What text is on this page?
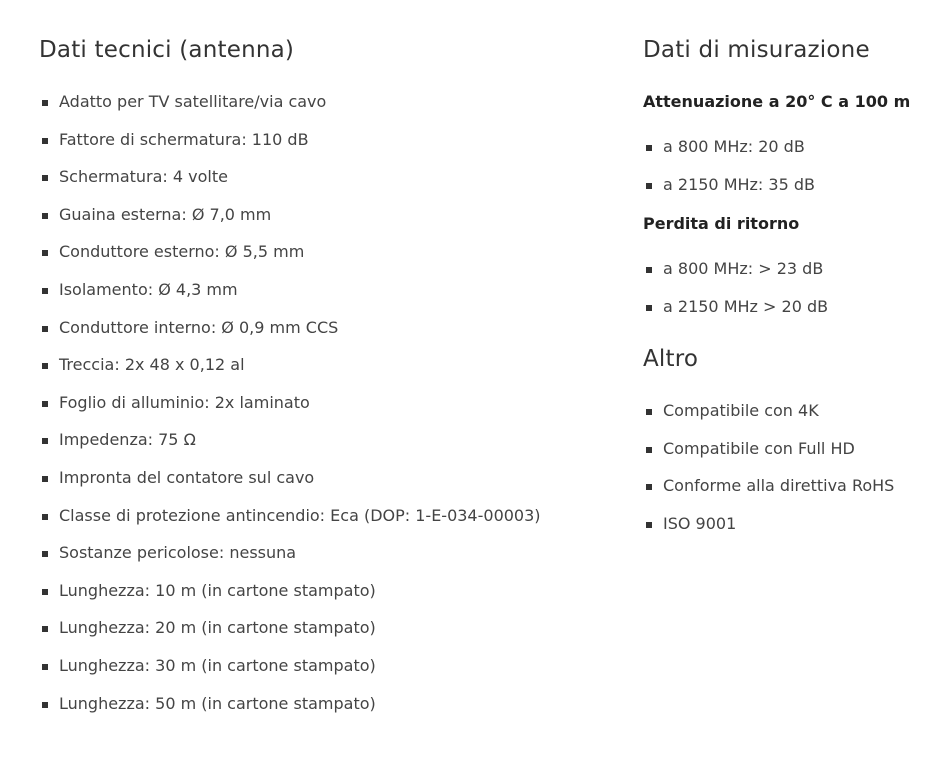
Dati tecnici (antenna)
Adatto per TV satellitare/via cavo
Fattore di schermatura: 110 dB
Schermatura: 4 volte
Guaina esterna: Ø 7,0 mm
Conduttore esterno: Ø 5,5 mm
Isolamento: Ø 4,3 mm
Conduttore interno: Ø 0,9 mm CCS
Treccia: 2x 48 x 0,12 al
Foglio di alluminio: 2x laminato
Impedenza: 75 Ω
Impronta del contatore sul cavo
Classe di protezione antincendio: Eca (DOP: 1-E-034-00003)
Sostanze pericolose: nessuna
Lunghezza: 10 m (in cartone stampato)
Lunghezza: 20 m (in cartone stampato)
Lunghezza: 30 m (in cartone stampato)
Lunghezza: 50 m (in cartone stampato)
Dati di misurazione
Attenuazione a 20° C a 100 m
a 800 MHz: 20 dB
a 2150 MHz: 35 dB
Perdita di ritorno
a 800 MHz: > 23 dB
a 2150 MHz > 20 dB
Altro
Compatibile con 4K
Compatibile con Full HD
Conforme alla direttiva RoHS
ISO 9001
